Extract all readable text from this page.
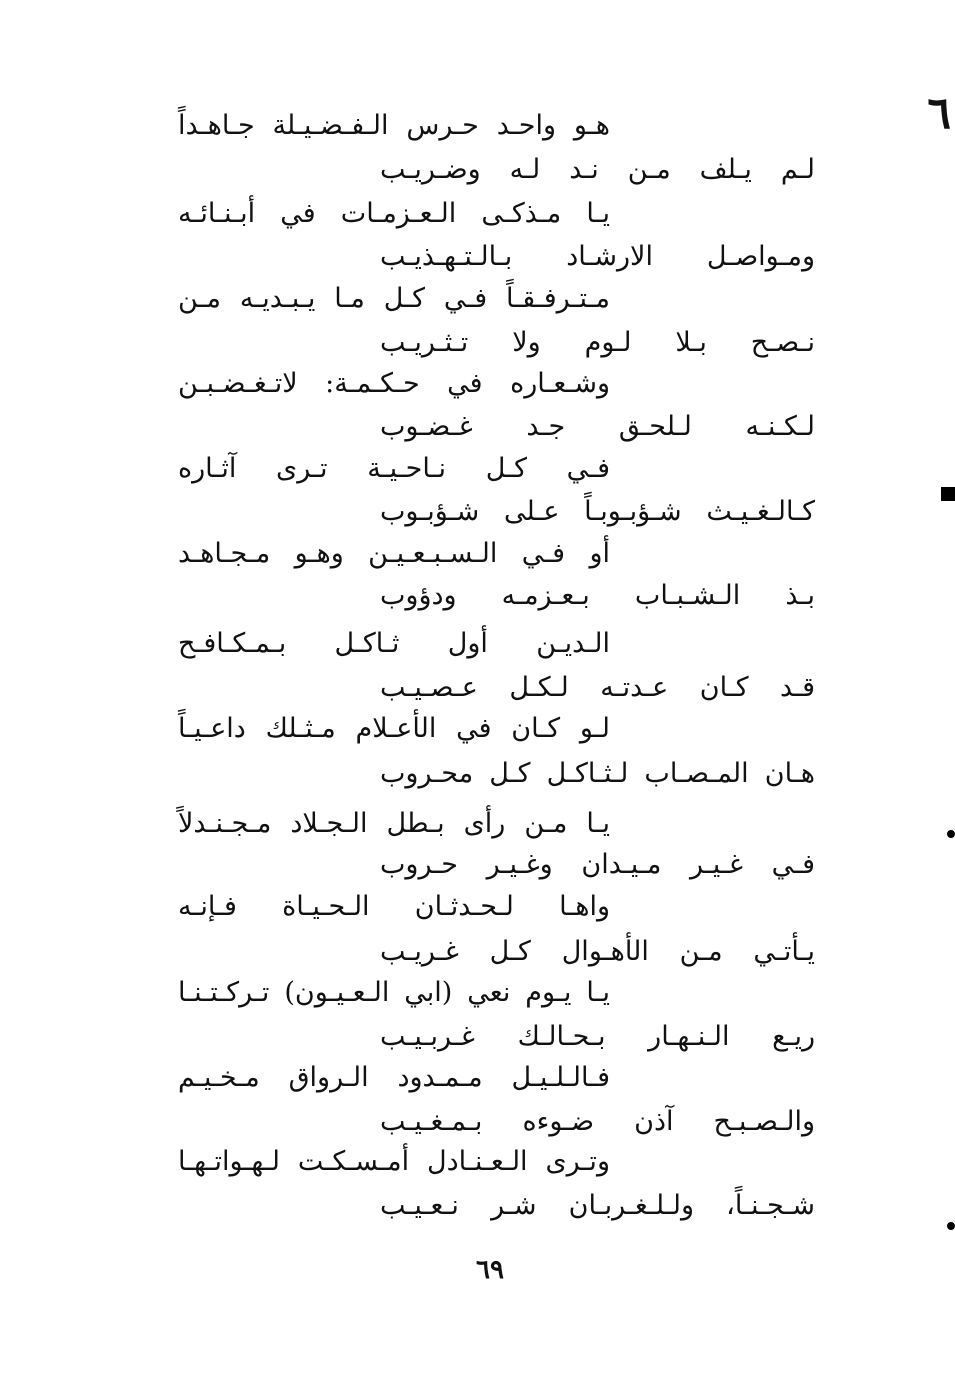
٦
هـو واحـد حـرس الـفـضـيـلة جـاهـداً
لـم يـلف مـن نـد لـه وضـريـب
يـا مـذكـى الـعـزمـات في أبـنـائـه
ومـواصـل الارشـاد بـالـتـهـذيـب
مـتـرفـقـاً فـي كـل مـا يـبـديـه مـن
نـصـح بـلا لـوم ولا تـثـريـب
وشـعـاره في حـكـمـة: لاتـغـضـبـن
لـكـنـه لـلحـق جـد غـضـوب
فـي كـل نـاحـيـة تـرى آثـاره
كـالـغـيـث شـؤبـوبـاً عـلى شـؤبـوب
أو فـي الـسـبـعـيـن وهـو مـجـاهـد
بـذ الـشـبـاب بـعـزمـه ودؤوب
الـديـن أول ثـاكـل بـمـكـافـح
قـد كـان عـدتـه لـكـل عـصـيـب
لـو كـان في الأعـلام مـثـلك داعـيـاً
هـان المـصـاب لـثـاكـل كـل محـروب
يـا مـن رأى بـطل الـجـلاد مـجـنـدلاً
فـي غـيـر مـيـدان وغـيـر حـروب
واهـا لـحـدثـان الـحـيـاة فـإنـه
يـأتـي مـن الأهـوال كـل غـريـب
يـا يـوم نعي (ابي الـعـيـون) تـركـتـنـا
ريـع الـنـهـار بـحـالـك غـربـيـب
فـالـلـيـل مـمـدود الـرواق مـخـيـم
والـصـبـح آذن ضـوءه بـمـغـيـب
وتـرى الـعـنـادل أمـسـكـت لـهـواتـهـا
شـجـنـاً، ولـلـغـربـان شـر نـعـيـب
٦٩
